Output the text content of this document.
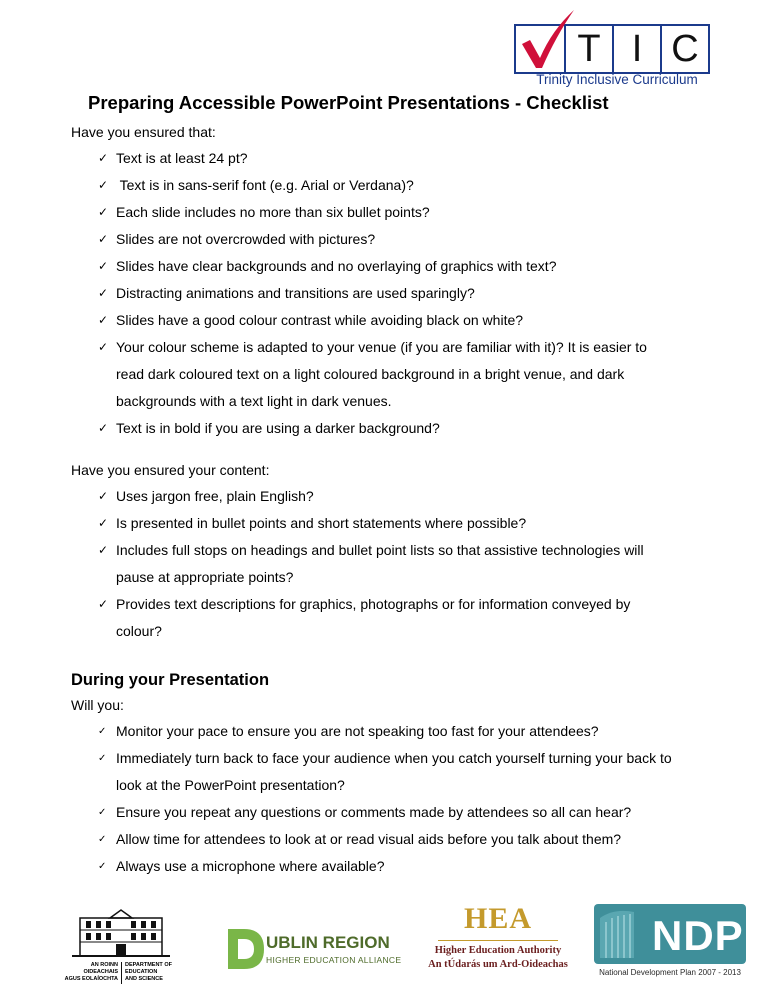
T I C
Trinity Inclusive Curriculum
Preparing Accessible PowerPoint Presentations - Checklist

Have you ensured that:

✓ Text is at least 24 pt?
✓ Text is in sans-serif font (e.g. Arial or Verdana)?
✓ Each slide includes no more than six bullet points?
✓ Slides are not overcrowded with pictures?
✓ Slides have clear backgrounds and no overlaying of graphics with text?
✓ Distracting animations and transitions are used sparingly?
✓ Slides have a good colour contrast while avoiding black on white?
✓ Your colour scheme is adapted to your venue (if you are familiar with it)? It is easier to read dark coloured text on a light coloured background in a bright venue, and dark backgrounds with a text light in dark venues.
✓ Text is in bold if you are using a darker background?

Have you ensured your content:

✓ Uses jargon free, plain English?
✓ Is presented in bullet points and short statements where possible?
✓ Includes full stops on headings and bullet point lists so that assistive technologies will pause at appropriate points?
✓ Provides text descriptions for graphics, photographs or for information conveyed by colour?
During your Presentation

Will you:

✓ Monitor your pace to ensure you are not speaking too fast for your attendees?
✓ Immediately turn back to face your audience when you catch yourself turning your back to look at the PowerPoint presentation?
✓ Ensure you repeat any questions or comments made by attendees so all can hear?
✓ Allow time for attendees to look at or read visual aids before you talk about them?
✓ Always use a microphone where available?
AN ROINN
OIDEACHAIS
AGUS EOLAÍOCHTA
DEPARTMENT OF
EDUCATION
AND SCIENCE
UBLIN REGION
HIGHER EDUCATION ALLIANCE
HEA
Higher Education Authority
An tÚdarás um Ard-Oideachas
NDP
National Development Plan 2007 - 2013
